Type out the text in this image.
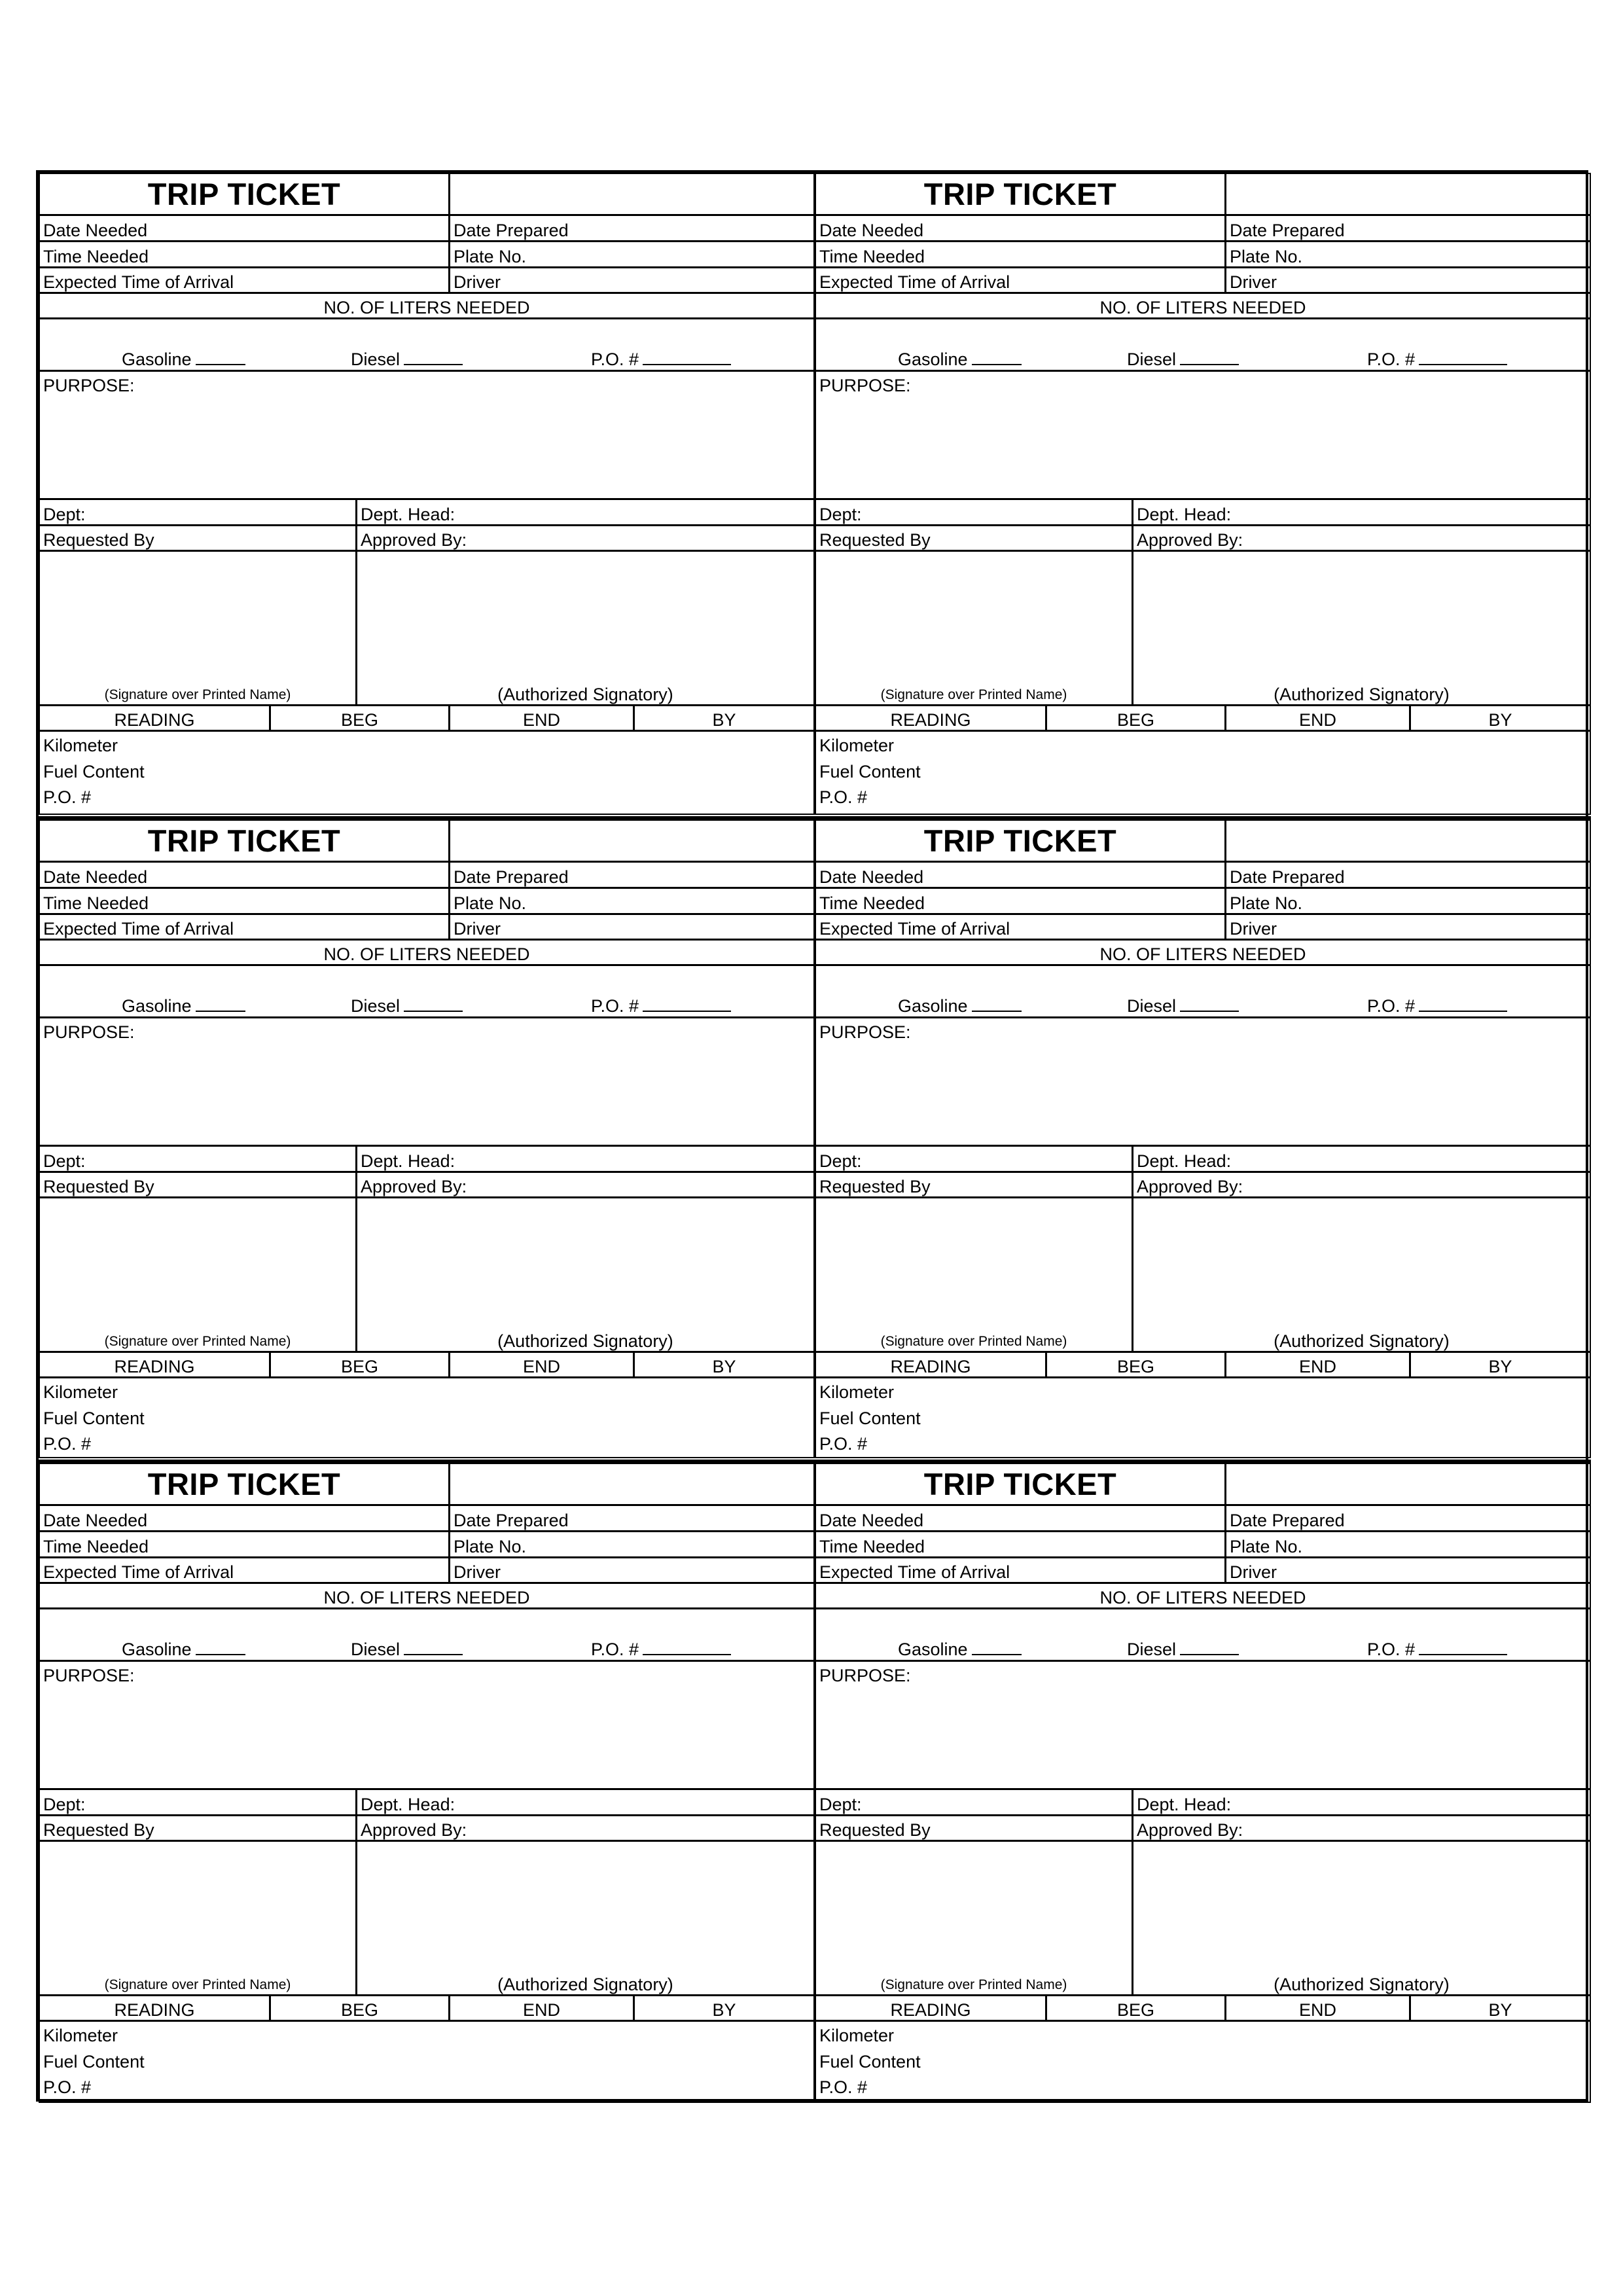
TRIP TICKET
Date Needed	Date Prepared
Time Needed	Plate No.
Expected Time of Arrival	Driver
NO. OF LITERS NEEDED
Gasoline	Diesel	P.O. #
PURPOSE:
Dept:	Dept. Head:
Requested By	Approved By:
(Signature over Printed Name)	(Authorized Signatory)
READING	BEG	END	BY
Kilometer
Fuel Content
P.O. #
TRIP TICKET
Date Needed	Date Prepared
Time Needed	Plate No.
Expected Time of Arrival	Driver
NO. OF LITERS NEEDED
Gasoline	Diesel	P.O. #
PURPOSE:
Dept:	Dept. Head:
Requested By	Approved By:
(Signature over Printed Name)	(Authorized Signatory)
READING	BEG	END	BY
Kilometer
Fuel Content
P.O. #
TRIP TICKET
Date Needed	Date Prepared
Time Needed	Plate No.
Expected Time of Arrival	Driver
NO. OF LITERS NEEDED
Gasoline	Diesel	P.O. #
PURPOSE:
Dept:	Dept. Head:
Requested By	Approved By:
(Signature over Printed Name)	(Authorized Signatory)
READING	BEG	END	BY
Kilometer
Fuel Content
P.O. #
TRIP TICKET
Date Needed	Date Prepared
Time Needed	Plate No.
Expected Time of Arrival	Driver
NO. OF LITERS NEEDED
Gasoline	Diesel	P.O. #
PURPOSE:
Dept:	Dept. Head:
Requested By	Approved By:
(Signature over Printed Name)	(Authorized Signatory)
READING	BEG	END	BY
Kilometer
Fuel Content
P.O. #
TRIP TICKET
Date Needed	Date Prepared
Time Needed	Plate No.
Expected Time of Arrival	Driver
NO. OF LITERS NEEDED
Gasoline	Diesel	P.O. #
PURPOSE:
Dept:	Dept. Head:
Requested By	Approved By:
(Signature over Printed Name)	(Authorized Signatory)
READING	BEG	END	BY
Kilometer
Fuel Content
P.O. #
TRIP TICKET
Date Needed	Date Prepared
Time Needed	Plate No.
Expected Time of Arrival	Driver
NO. OF LITERS NEEDED
Gasoline	Diesel	P.O. #
PURPOSE:
Dept:	Dept. Head:
Requested By	Approved By:
(Signature over Printed Name)	(Authorized Signatory)
READING	BEG	END	BY
Kilometer
Fuel Content
P.O. #
